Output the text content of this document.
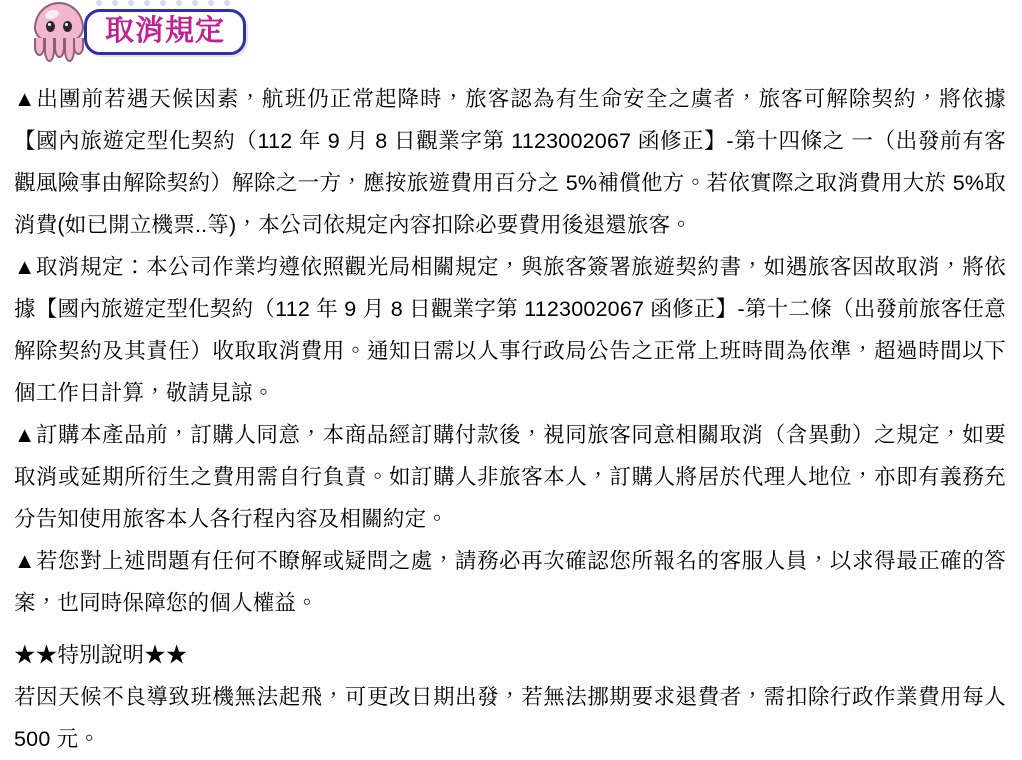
取消規定

▲出團前若遇天候因素，航班仍正常起降時，旅客認為有生命安全之虞者，旅客可解除契約，將依據【國內旅遊定型化契約（112 年 9 月 8 日觀業字第 1123002067 函修正】-第十四條之 一（出發前有客觀風險事由解除契約）解除之一方，應按旅遊費用百分之 5%補償他方。若依實際之取消費用大於 5%取消費(如已開立機票..等)，本公司依規定內容扣除必要費用後退還旅客。

▲取消規定：本公司作業均遵依照觀光局相關規定，與旅客簽署旅遊契約書，如遇旅客因故取消，將依據【國內旅遊定型化契約（112 年 9 月 8 日觀業字第 1123002067 函修正】-第十二條（出發前旅客任意解除契約及其責任）收取取消費用。通知日需以人事行政局公告之正常上班時間為依準，超過時間以下個工作日計算，敬請見諒。

▲訂購本產品前，訂購人同意，本商品經訂購付款後，視同旅客同意相關取消（含異動）之規定，如要取消或延期所衍生之費用需自行負責。如訂購人非旅客本人，訂購人將居於代理人地位，亦即有義務充分告知使用旅客本人各行程內容及相關約定。

▲若您對上述問題有任何不瞭解或疑問之處，請務必再次確認您所報名的客服人員，以求得最正確的答案，也同時保障您的個人權益。

★★特別說明★★

若因天候不良導致班機無法起飛，可更改日期出發，若無法挪期要求退費者，需扣除行政作業費用每人 500 元。
